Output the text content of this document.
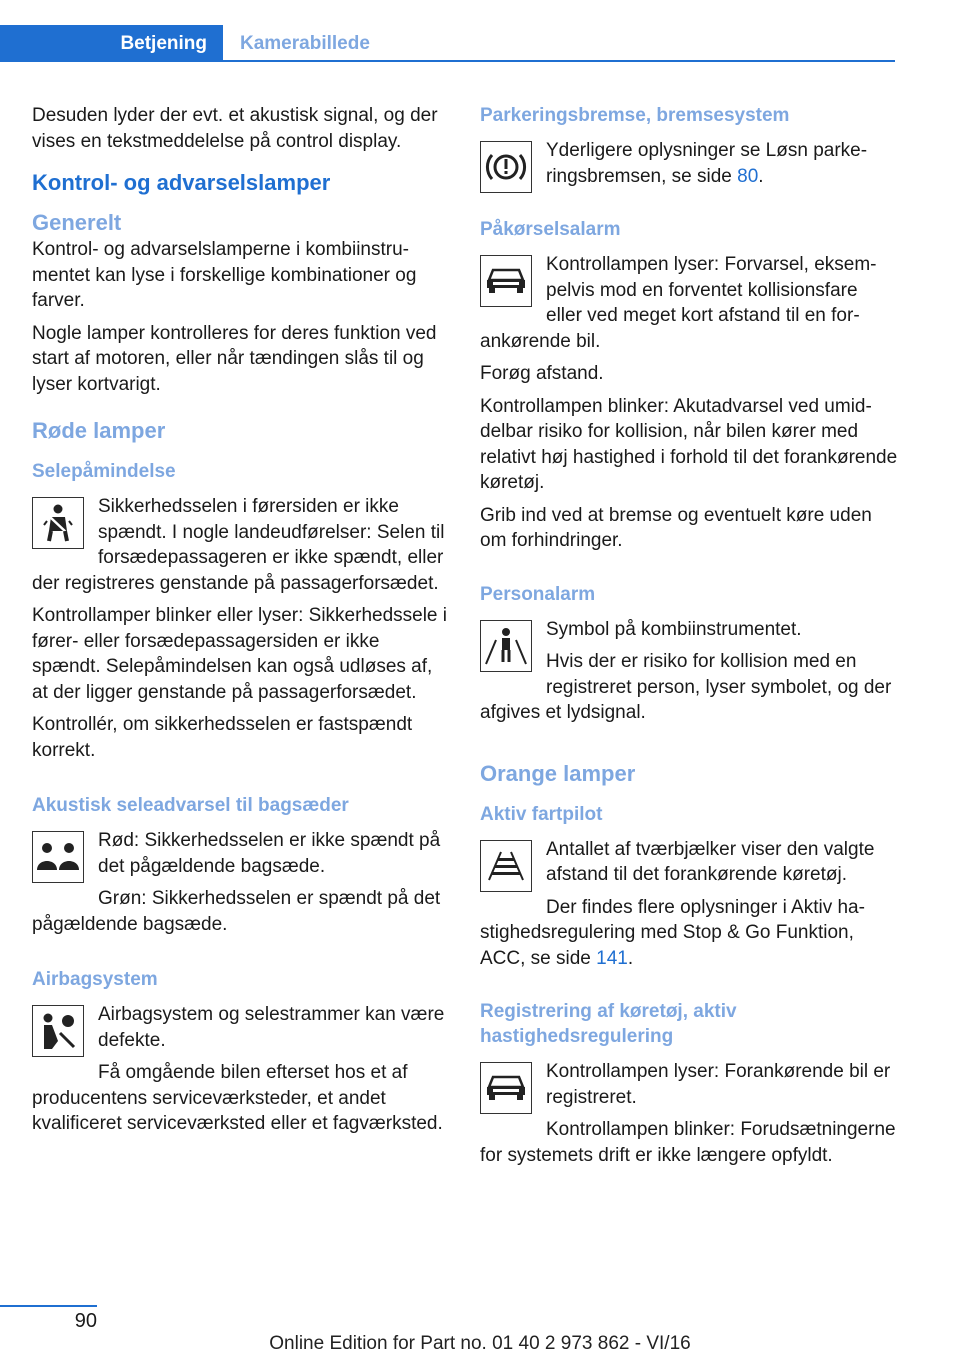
Betjening	Kamerabillede

Desuden lyder der evt. et akustisk signal, og der vises en tekstmeddelelse på control display.

Kontrol- og advarselslamper
Generelt

Kontrol- og advarselslamperne i kombiinstrumentet kan lyse i forskellige kombinationer og farver.

Nogle lamper kontrolleres for deres funktion ved start af motoren, eller når tændingen slås til og lyser kortvarigt.

Røde lamper
Selepåmindelse

Sikkerhedsselen i førersiden er ikke spændt. I nogle landeudførelser: Selen til forsædepassageren er ikke spændt, eller der registreres genstande på passagerforsædet.

Kontrollamper blinker eller lyser: Sikkerhedssele i fører- eller forsædepassagersiden er ikke spændt. Selepåmindelsen kan også udløses af, at der ligger genstande på passagerforsædet.

Kontrollér, om sikkerhedsselen er fastspændt korrekt.

Akustisk seleadvarsel til bagsæder

Rød: Sikkerhedsselen er ikke spændt på det pågældende bagsæde.

Grøn: Sikkerhedsselen er spændt på det pågældende bagsæde.

Airbagsystem

Airbagsystem og selestrammer kan være defekte.

Få omgående bilen efterset hos et af producentens serviceværksteder, et andet kvalificeret serviceværksted eller et fagværksted.

Parkeringsbremse, bremsesystem

Yderligere oplysninger se Løsn parkeringsbremsen, se side 80.

Påkørselsalarm

Kontrollampen lyser: Forvarsel, eksempelvis mod en forventet kollisionsfare eller ved meget kort afstand til en forankørende bil.

Forøg afstand.

Kontrollampen blinker: Akutadvarsel ved umiddelbar risiko for kollision, når bilen kører med relativt høj hastighed i forhold til det forankørende køretøj.

Grib ind ved at bremse og eventuelt køre uden om forhindringer.

Personalarm

Symbol på kombiinstrumentet.

Hvis der er risiko for kollision med en registreret person, lyser symbolet, og der afgives et lydsignal.

Orange lamper
Aktiv fartpilot

Antallet af tværbjælker viser den valgte afstand til det forankørende køretøj.

Der findes flere oplysninger i Aktiv hastighedsregulering med Stop & Go Funktion, ACC, se side 141.

Registrering af køretøj, aktiv hastighedsregulering

Kontrollampen lyser: Forankørende bil er registreret.

Kontrollampen blinker: Forudsætningerne for systemets drift er ikke længere opfyldt.

90
Online Edition for Part no. 01 40 2 973 862 - VI/16
